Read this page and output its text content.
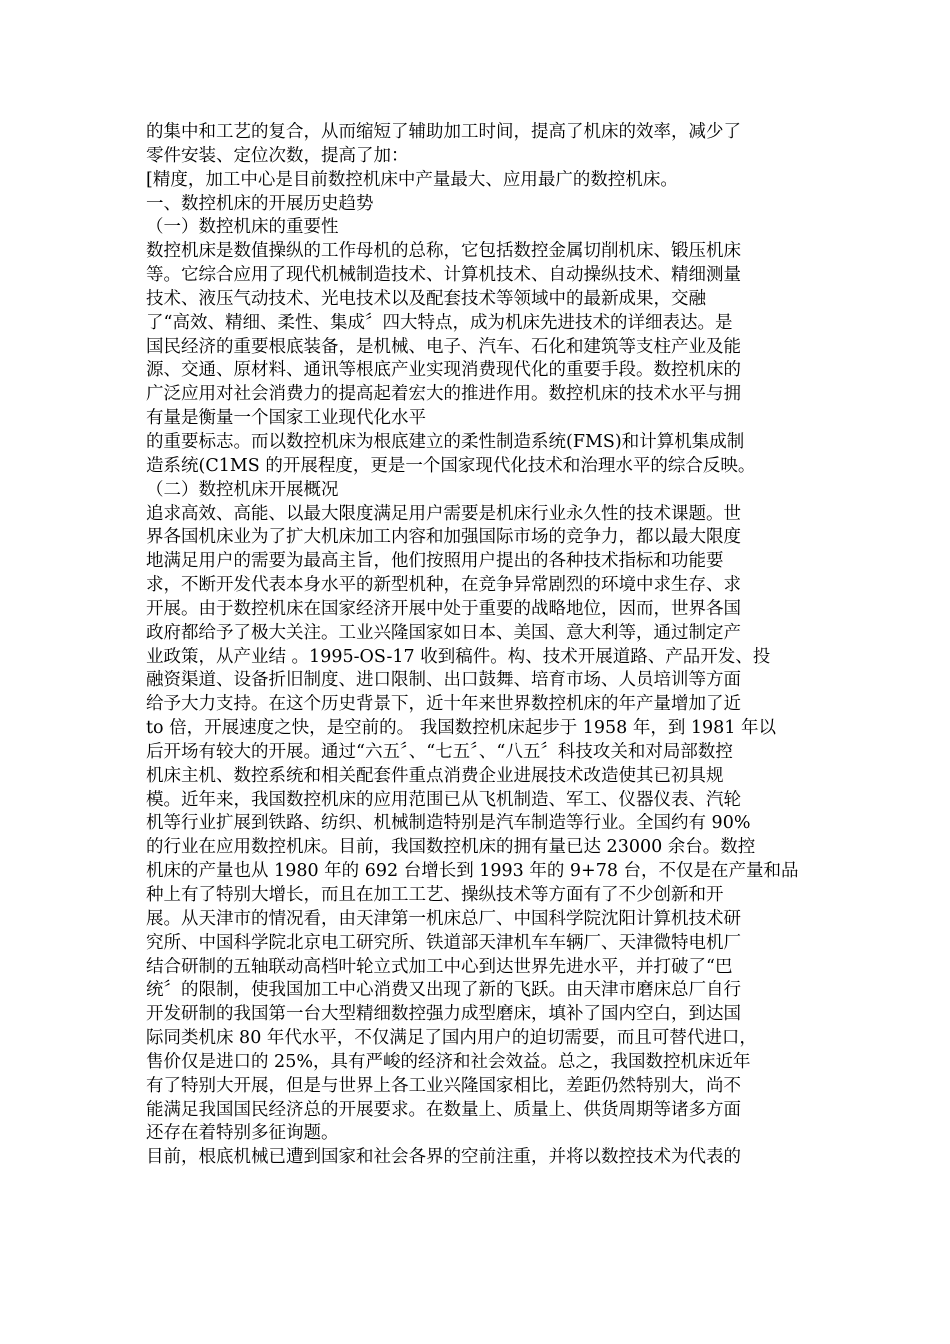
的集中和工艺的复合，从而缩短了辅助加工时间，提高了机床的效率，减少了
零件安装、定位次数，提高了加：
[精度，加工中心是目前数控机床中产量最大、应用最广的数控机床。
一、数控机床的开展历史趋势
（一）数控机床的重要性
数控机床是数值操纵的工作母机的总称，它包括数控金属切削机床、锻压机床
等。它综合应用了现代机械制造技术、计算机技术、自动操纵技术、精细测量
技术、液压气动技术、光电技术以及配套技术等领域中的最新成果，交融
了“高效、精细、柔性、集成〞四大特点，成为机床先进技术的详细表达。是
国民经济的重要根底装备，是机械、电子、汽车、石化和建筑等支柱产业及能
源、交通、原材料、通讯等根底产业实现消费现代化的重要手段。数控机床的
广泛应用对社会消费力的提高起着宏大的推进作用。数控机床的技术水平与拥
有量是衡量一个国家工业现代化水平
的重要标志。而以数控机床为根底建立的柔性制造系统(FMS)和计算机集成制
造系统(C1MS 的开展程度，更是一个国家现代化技术和治理水平的综合反映。
（二）数控机床开展概况
追求高效、高能、以最大限度满足用户需要是机床行业永久性的技术课题。世
界各国机床业为了扩大机床加工内容和加强国际市场的竞争力，都以最大限度
地满足用户的需要为最高主旨，他们按照用户提出的各种技术指标和功能要
求，不断开发代表本身水平的新型机种，在竞争异常剧烈的环境中求生存、求
开展。由于数控机床在国家经济开展中处于重要的战略地位，因而，世界各国
政府都给予了极大关注。工业兴隆国家如日本、美国、意大利等，通过制定产
业政策，从产业结 。1995-OS-17 收到稿件。构、技术开展道路、产品开发、投
融资渠道、设备折旧制度、进口限制、出口鼓舞、培育市场、人员培训等方面
给予大力支持。在这个历史背景下，近十年来世界数控机床的年产量增加了近
to 倍，开展速度之快，是空前的。 我国数控机床起步于 1958 年，到 1981 年以
后开场有较大的开展。通过“六五〞、“七五〞、“八五〞科技攻关和对局部数控
机床主机、数控系统和相关配套件重点消费企业进展技术改造使其已初具规
模。近年来，我国数控机床的应用范围已从飞机制造、军工、仪器仪表、汽轮
机等行业扩展到铁路、纺织、机械制造特别是汽车制造等行业。全国约有 90%
的行业在应用数控机床。目前，我国数控机床的拥有量已达 23000 余台。数控
机床的产量也从 1980 年的 692 台增长到 1993 年的 9+78 台，不仅是在产量和品
种上有了特别大增长，而且在加工工艺、操纵技术等方面有了不少创新和开
展。从天津市的情况看，由天津第一机床总厂、中国科学院沈阳计算机技术研
究所、中国科学院北京电工研究所、铁道部天津机车车辆厂、天津微特电机厂
结合研制的五轴联动高档叶轮立式加工中心到达世界先进水平，并打破了“巴
统〞的限制，使我国加工中心消费又出现了新的飞跃。由天津市磨床总厂自行
开发研制的我国第一台大型精细数控强力成型磨床，填补了国内空白，到达国
际同类机床 80 年代水平，不仅满足了国内用户的迫切需要，而且可替代进口，
售价仅是进口的 25%，具有严峻的经济和社会效益。总之，我国数控机床近年
有了特别大开展，但是与世界上各工业兴隆国家相比，差距仍然特别大，尚不
能满足我国国民经济总的开展要求。在数量上、质量上、供货周期等诸多方面
还存在着特别多征询题。
目前，根底机械已遭到国家和社会各界的空前注重，并将以数控技术为代表的
